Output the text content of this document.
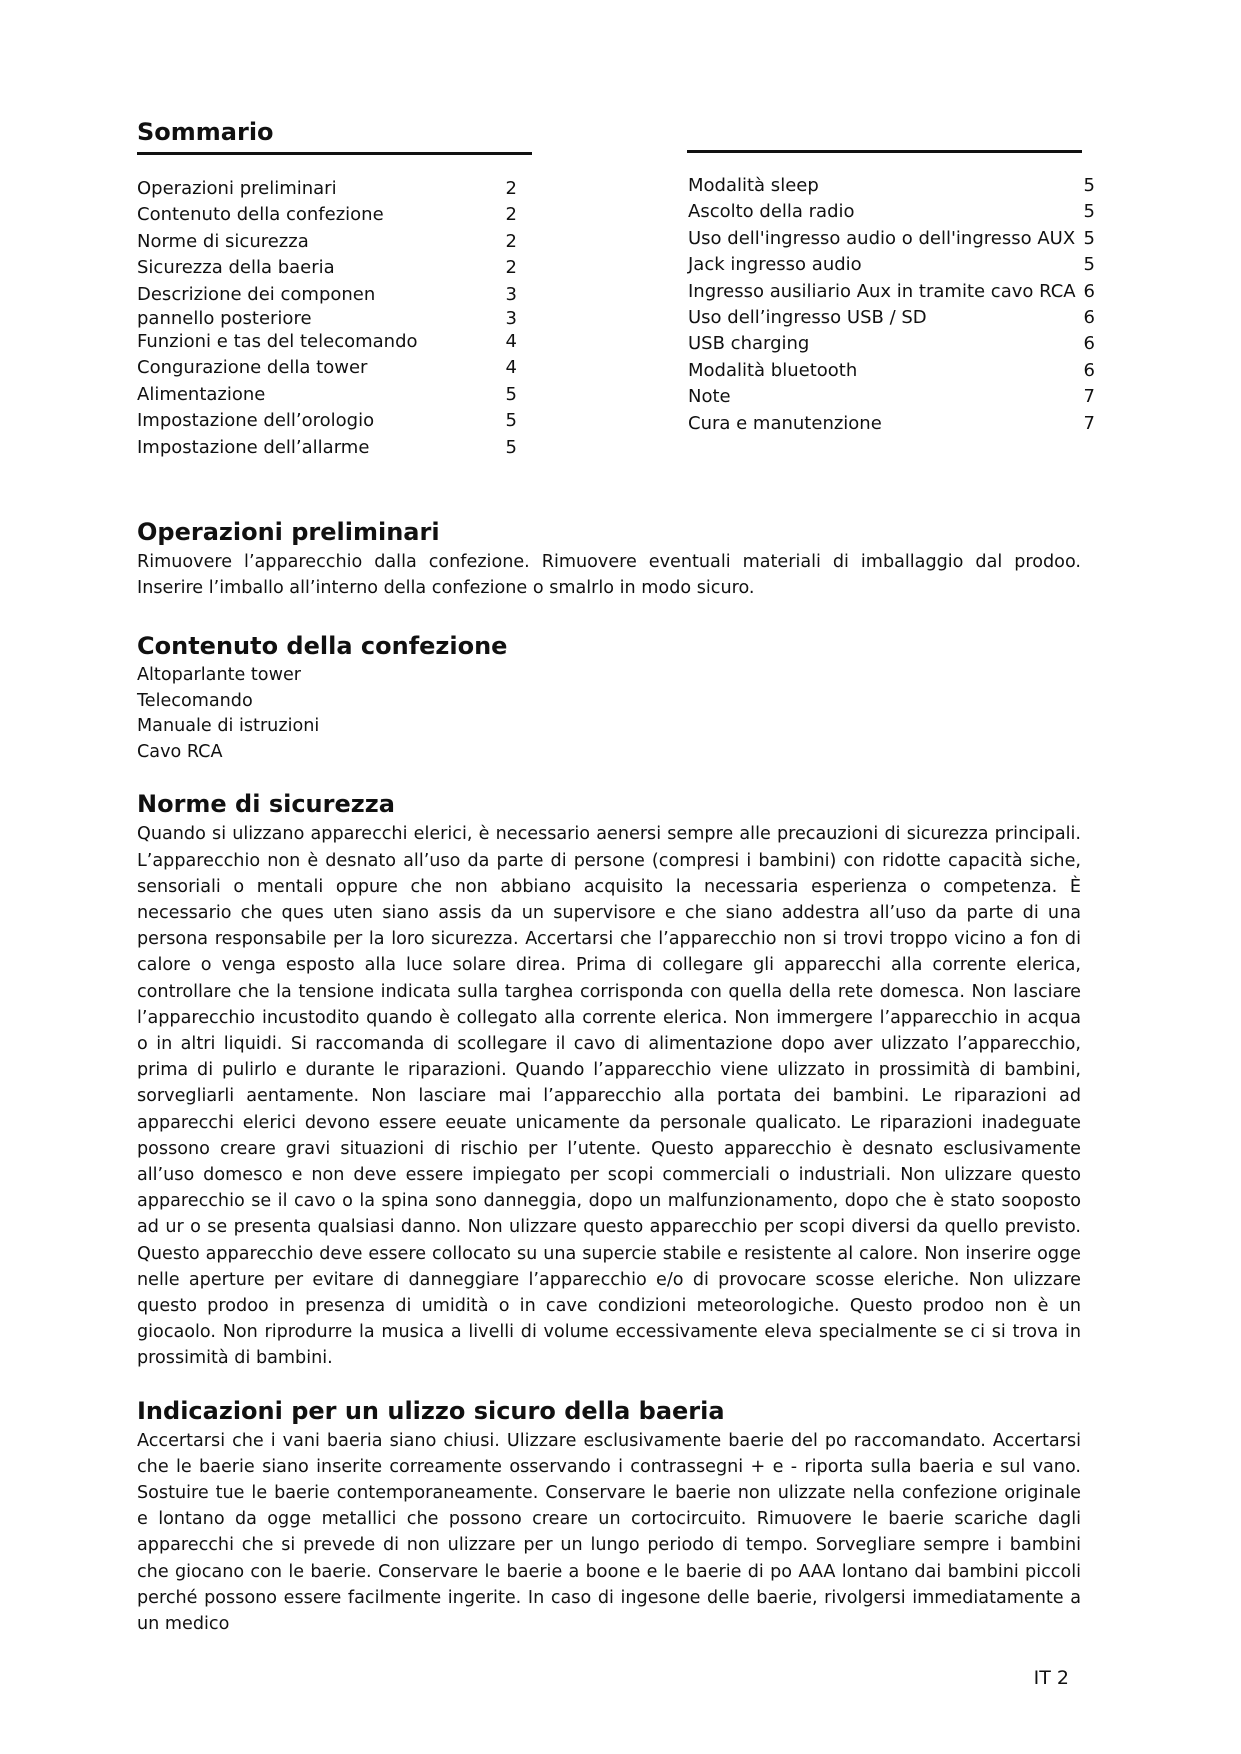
Sommario
Operazioni preliminari	2
Contenuto della confezione	2
Norme di sicurezza	2
Sicurezza della baeria	2
Descrizione dei componen	3
pannello posteriore	3
Funzioni e tas del telecomando	4
Congurazione della tower	4
Alimentazione	5
Impostazione dell’orologio	5
Impostazione dell’allarme	5
Modalità sleep	5
Ascolto della radio	5
Uso dell'ingresso audio o dell'ingresso AUX 5
Jack ingresso audio	5
Ingresso ausiliario Aux in tramite cavo RCA 6
Uso dell’ingresso USB / SD	6
USB charging	6
Modalità bluetooth	6
Note	7
Cura e manutenzione	7
Operazioni preliminari

Rimuovere l’apparecchio dalla confezione. Rimuovere eventuali materiali di imballaggio dal prodoo. Inserire l’imballo all’interno della confezione o smalrlo in modo sicuro.

Contenuto della confezione
Altoparlante tower
Telecomando
Manuale di istruzioni
Cavo RCA
Norme di sicurezza

Quando si ulizzano apparecchi elerici, è necessario aenersi sempre alle precauzioni di sicurezza principali. L’apparecchio non è desnato all’uso da parte di persone (compresi i bambini) con ridotte capacità siche, sensoriali o mentali oppure che non abbiano acquisito la necessaria esperienza o competenza. È necessario che ques uten siano assis da un supervisore e che siano addestra all’uso da parte di una persona responsabile per la loro sicurezza. Accertarsi che l’apparecchio non si trovi troppo vicino a fon di calore o venga esposto alla luce solare direa. Prima di collegare gli apparecchi alla corrente elerica, controllare che la tensione indicata sulla targhea corrisponda con quella della rete domesca. Non lasciare l’apparecchio incustodito quando è collegato alla corrente elerica. Non immergere l’apparecchio in acqua o in altri liquidi. Si raccomanda di scollegare il cavo di alimentazione dopo aver ulizzato l’apparecchio, prima di pulirlo e durante le riparazioni. Quando l’apparecchio viene ulizzato in prossimità di bambini, sorvegliarli aentamente. Non lasciare mai l’apparecchio alla portata dei bambini. Le riparazioni ad apparecchi elerici devono essere eeuate unicamente da personale qualicato. Le riparazioni inadeguate possono creare gravi situazioni di rischio per l’utente. Questo apparecchio è desnato esclusivamente all’uso domesco e non deve essere impiegato per scopi commerciali o industriali. Non ulizzare questo apparecchio se il cavo o la spina sono danneggia, dopo un malfunzionamento, dopo che è stato sooposto ad ur o se presenta qualsiasi danno. Non ulizzare questo apparecchio per scopi diversi da quello previsto. Questo apparecchio deve essere collocato su una supercie stabile e resistente al calore. Non inserire ogge nelle aperture per evitare di danneggiare l’apparecchio e/o di provocare scosse eleriche. Non ulizzare questo prodoo in presenza di umidità o in cave condizioni meteorologiche. Questo prodoo non è un giocaolo. Non riprodurre la musica a livelli di volume eccessivamente eleva specialmente se ci si trova in prossimità di bambini.

Indicazioni per un ulizzo sicuro della baeria

Accertarsi che i vani baeria siano chiusi. Ulizzare esclusivamente baerie del po raccomandato. Accertarsi che le baerie siano inserite correamente osservando i contrassegni + e - riporta sulla baeria e sul vano. Sostuire tue le baerie contemporaneamente. Conservare le baerie non ulizzate nella confezione originale e lontano da ogge metallici che possono creare un cortocircuito. Rimuovere le baerie scariche dagli apparecchi che si prevede di non ulizzare per un lungo periodo di tempo. Sorvegliare sempre i bambini che giocano con le baerie. Conservare le baerie a boone e le baerie di po AAA lontano dai bambini piccoli perché possono essere facilmente ingerite. In caso di ingesone delle baerie, rivolgersi immediatamente a un medico

IT 2
